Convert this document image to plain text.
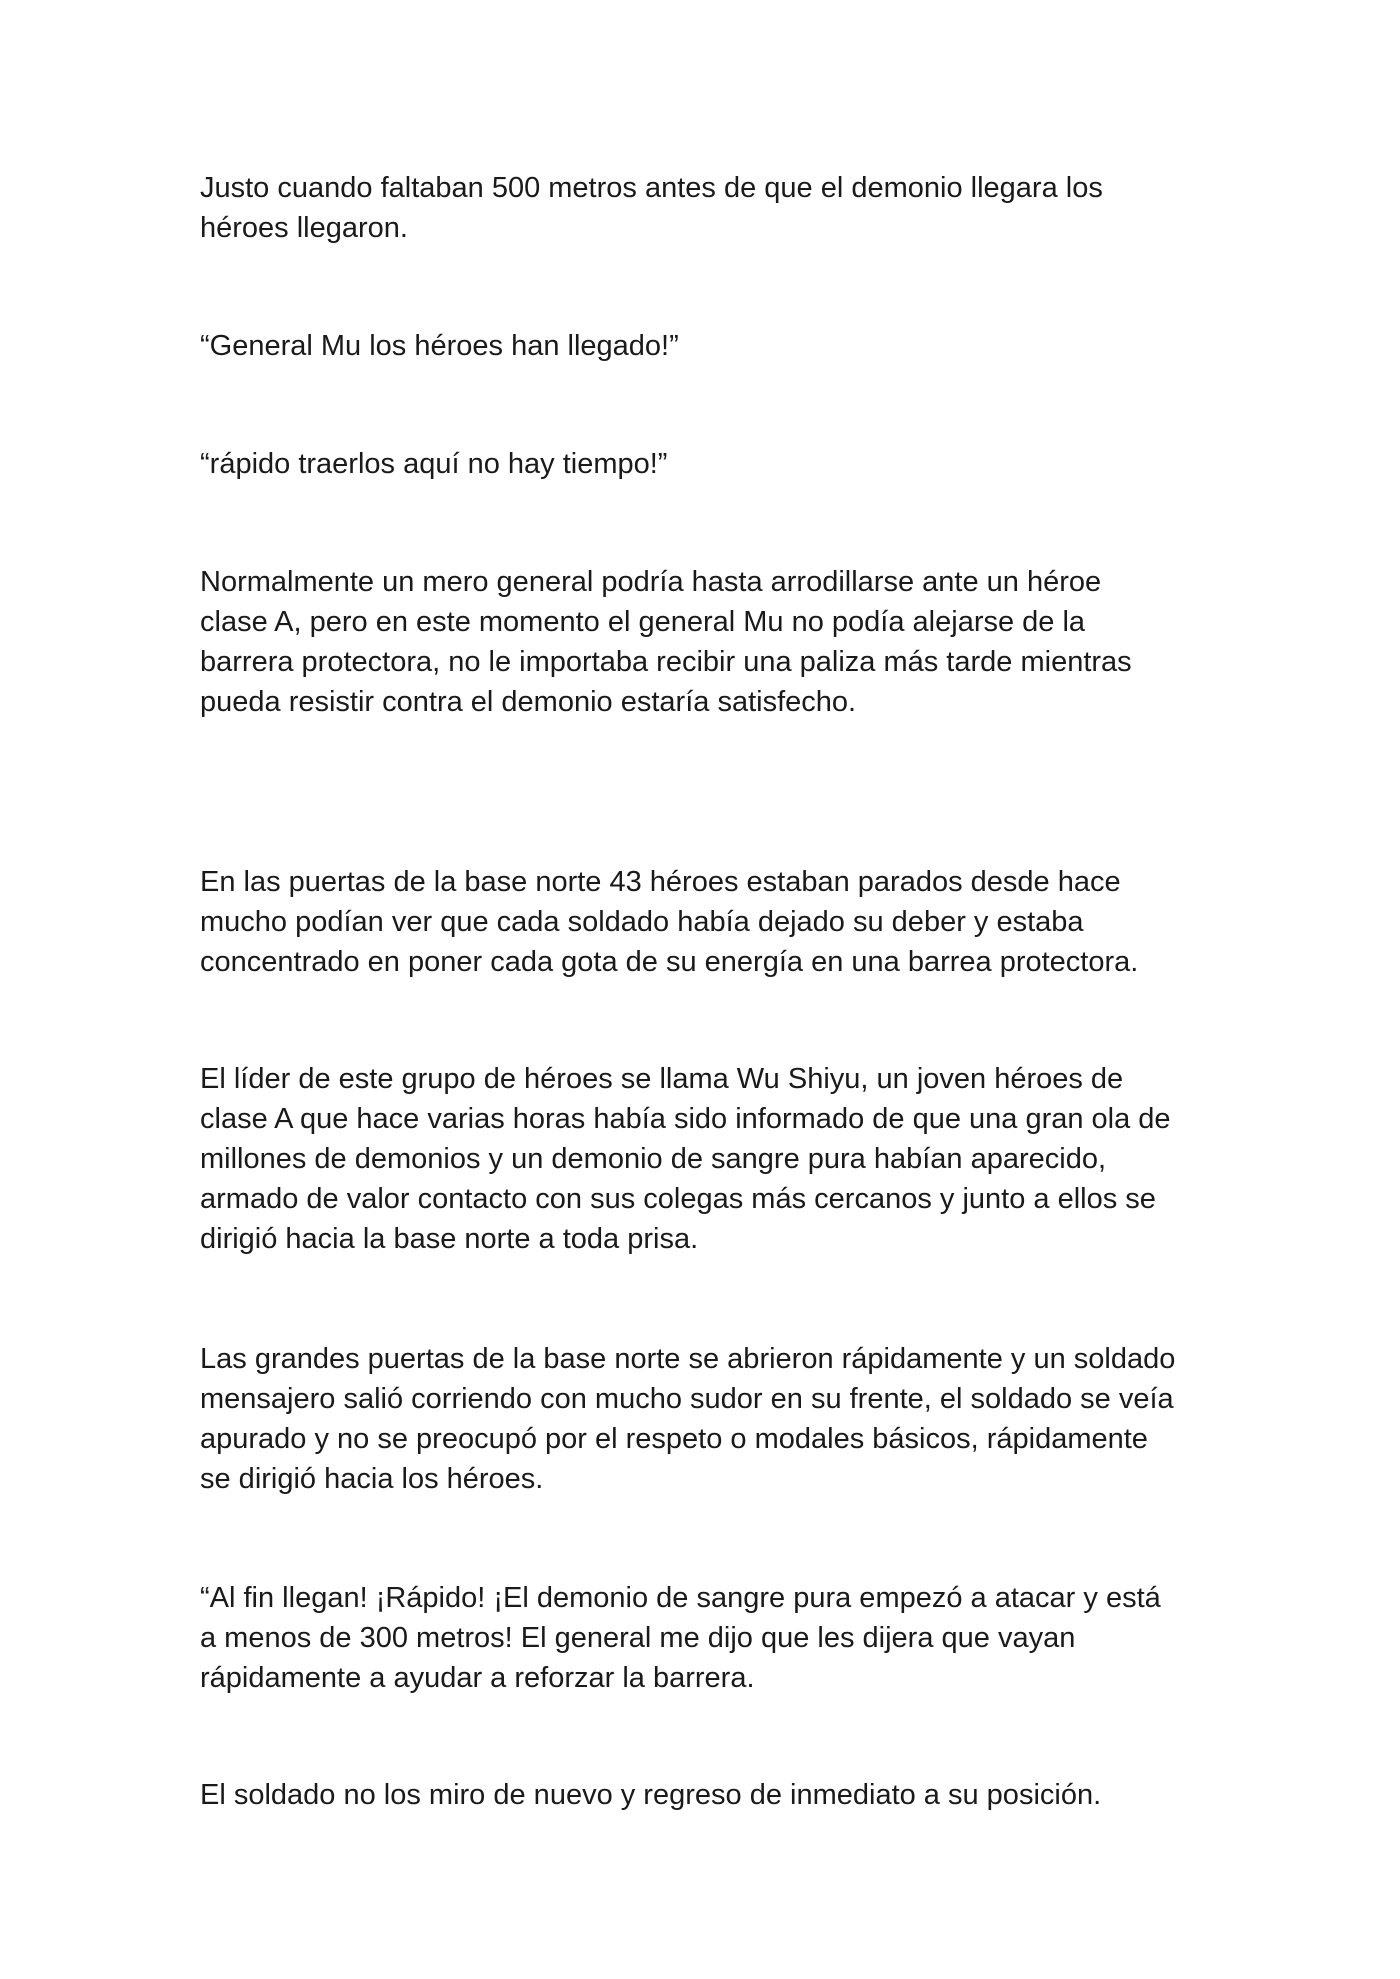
Justo cuando faltaban 500 metros antes de que el demonio llegara los
héroes llegaron.

“General Mu los héroes han llegado!”

“rápido traerlos aquí no hay tiempo!”

Normalmente un mero general podría hasta arrodillarse ante un héroe
clase A, pero en este momento el general Mu no podía alejarse de la
barrera protectora, no le importaba recibir una paliza más tarde mientras
pueda resistir contra el demonio estaría satisfecho.

En las puertas de la base norte 43 héroes estaban parados desde hace
mucho podían ver que cada soldado había dejado su deber y estaba
concentrado en poner cada gota de su energía en una barrea protectora.

El líder de este grupo de héroes se llama Wu Shiyu, un joven héroes de
clase A que hace varias horas había sido informado de que una gran ola de
millones de demonios y un demonio de sangre pura habían aparecido,
armado de valor contacto con sus colegas más cercanos y junto a ellos se
dirigió hacia la base norte a toda prisa.

Las grandes puertas de la base norte se abrieron rápidamente y un soldado
mensajero salió corriendo con mucho sudor en su frente, el soldado se veía
apurado y no se preocupó por el respeto o modales básicos, rápidamente
se dirigió hacia los héroes.

“Al fin llegan! ¡Rápido! ¡El demonio de sangre pura empezó a atacar y está
a menos de 300 metros! El general me dijo que les dijera que vayan
rápidamente a ayudar a reforzar la barrera.

El soldado no los miro de nuevo y regreso de inmediato a su posición.
